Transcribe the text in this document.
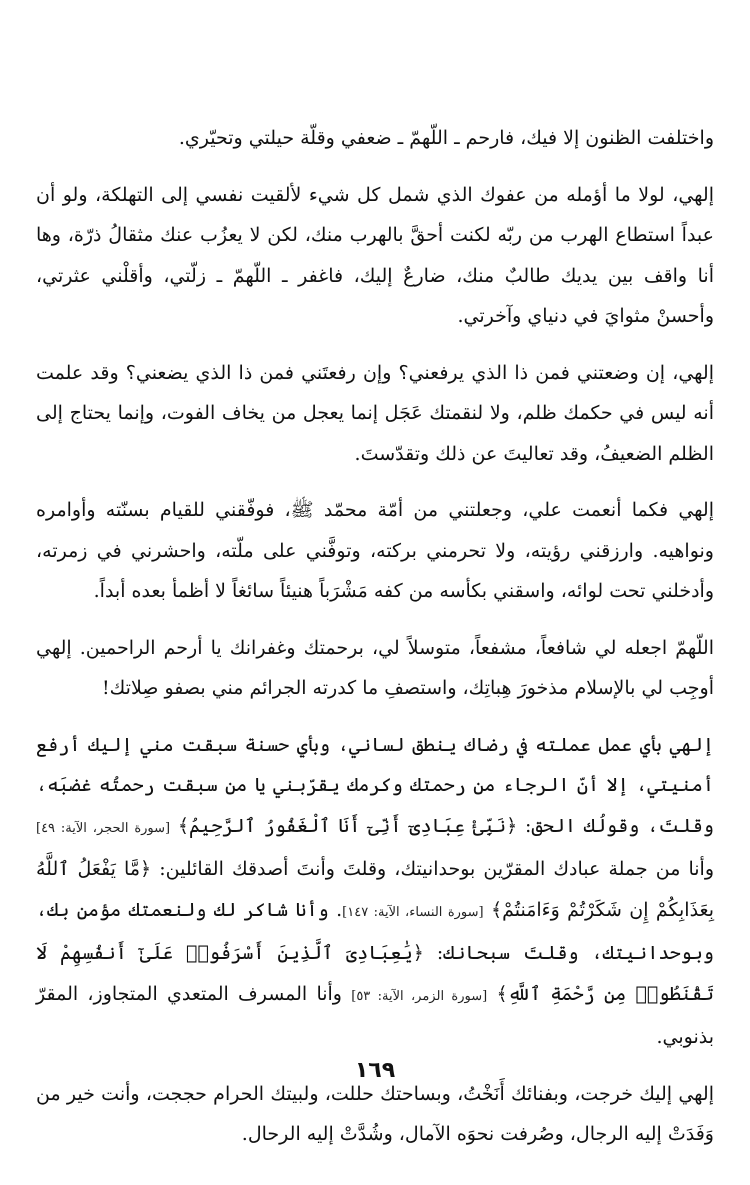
واختلفت الظنون إلا فيك، فارحم ـ اللّهمّ ـ ضعفي وقلّة حيلتي وتحيّري.

إلهي، لولا ما أؤمله من عفوك الذي شمل كل شيء لألقيت نفسي إلى التهلكة، ولو أن عبداً استطاع الهرب من ربّه لكنت أحقَّ بالهرب منك، لكن لا يعزُب عنك مثقالُ ذرّة، وها أنا واقف بين يديك طالبٌ منك، ضارعٌ إليك، فاغفر ـ اللّهمّ ـ زلّتي، وأقلْني عثرتي، وأحسنْ مثوايَ في دنياي وآخرتي.

إلهي، إن وضعتني فمن ذا الذي يرفعني؟ وإن رفعتَني فمن ذا الذي يضعني؟ وقد علمت أنه ليس في حكمك ظلم، ولا لنقمتك عَجَل إنما يعجل من يخاف الفوت، وإنما يحتاج إلى الظلم الضعيفُ، وقد تعاليتَ عن ذلك وتقدّستَ.

إلهي فكما أنعمت علي، وجعلتني من أمّة محمّد ﷺ، فوفّقني للقيام بسنّته وأوامره ونواهيه. وارزقني رؤيته، ولا تحرمني بركته، وتوفَّني على ملّته، واحشرني في زمرته، وأدخلني تحت لوائه، واسقني بكأسه من كفه مَشْرَباً هنيئاً سائغاً لا أظمأ بعده أبداً.

اللّهمّ اجعله لي شافعاً، مشفعاً، متوسلاً لي، برحمتك وغفرانك يا أرحم الراحمين. إلهي أوجِب لي بالإسلام مذخورَ هِباتِك، واستصفِ ما كدرته الجرائم مني بصفو صِلاتك!

إلهي بأي عمل عملته في رضاك ينطق لساني، وبأي حسنة سبقت مني إليك أرفع أمنيتي، إلا أنّ الرجاء من رحمتك وكرمك يقرّبني يا من سبقت رحمتُه غضبَه، وقلتَ، وقولُك الحق: ﴿نَبِّئْ عِبَادِىٓ أَنِّىٓ أَنَا ٱلْغَفُورُ ٱلرَّحِيمُ﴾ [سورة الحجر، الآية: ٤٩] وأنا من جملة عبادك المقرّين بوحدانيتك، وقلتَ وأنتَ أصدقك القائلين: ﴿مَّا يَفْعَلُ ٱللَّهُ بِعَذَابِكُمْ إِن شَكَرْتُمْ وَءَامَنتُمْ﴾ [سورة النساء، الآية: ١٤٧]. وأنا شاكر لك ولنعمتك مؤمن بك، وبوحدانيتك، وقلتَ سبحانك: ﴿يَٰعِبَادِىَ ٱلَّذِينَ أَسْرَفُوا۟ عَلَىٰٓ أَنفُسِهِمْ لَا تَقْنَطُوا۟ مِن رَّحْمَةِ ٱللَّهِ﴾ [سورة الزمر، الآية: ٥٣] وأنا المسرف المتعدي المتجاوز، المقرّ بذنوبي.

إلهي إليك خرجت، وبفنائك أَنَخْتُ، وبساحتك حللت، ولبيتك الحرام حججت، وأنت خير من وَفَدَتْ إليه الرجال، وصُرفت نحوَه الآمال، وشُدَّتْ إليه الرحال.

١٦٩
